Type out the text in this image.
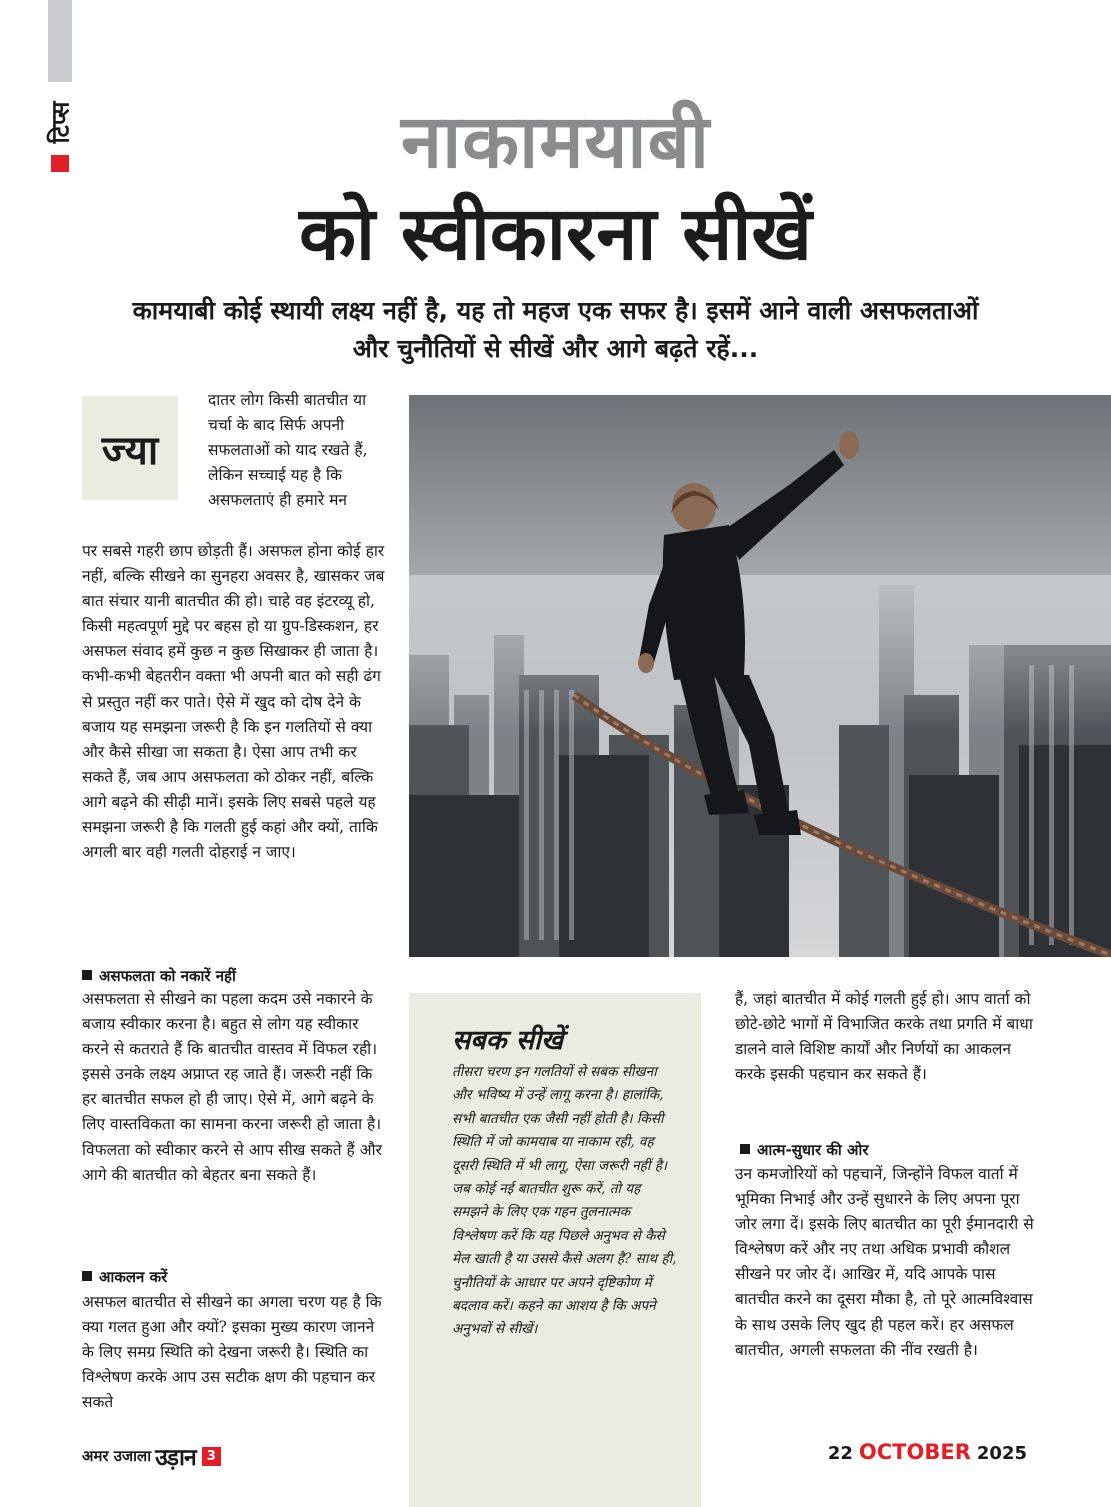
टिप्स	नाकामयाबी
को स्वीकारना सीखें
कामयाबी कोई स्थायी लक्ष्य नहीं है, यह तो महज एक सफर है। इसमें आने वाली असफलताओं और चुनौतियों से सीखें और आगे बढ़ते रहें...
ज्या
दातर लोग किसी बातचीत या चर्चा के बाद सिर्फ अपनी सफलताओं को याद रखते हैं, लेकिन सच्चाई यह है कि असफलताएं ही हमारे मन
पर सबसे गहरी छाप छोड़ती हैं। असफल होना कोई हार नहीं, बल्कि सीखने का सुनहरा अवसर है, खासकर जब बात संचार यानी बातचीत की हो। चाहे वह इंटरव्यू हो, किसी महत्वपूर्ण मुद्दे पर बहस हो या ग्रुप-डिस्कशन, हर असफल संवाद हमें कुछ न कुछ सिखाकर ही जाता है। कभी-कभी बेहतरीन वक्ता भी अपनी बात को सही ढंग से प्रस्तुत नहीं कर पाते। ऐसे में खुद को दोष देने के बजाय यह समझना जरूरी है कि इन गलतियों से क्या और कैसे सीखा जा सकता है। ऐसा आप तभी कर सकते हैं, जब आप असफलता को ठोकर नहीं, बल्कि आगे बढ़ने की सीढ़ी मानें। इसके लिए सबसे पहले यह समझना जरूरी है कि गलती हुई कहां और क्यों, ताकि अगली बार वही गलती दोहराई न जाए।
असफलता को नकारें नहीं
असफलता से सीखने का पहला कदम उसे नकारने के बजाय स्वीकार करना है। बहुत से लोग यह स्वीकार करने से कतराते हैं कि बातचीत वास्तव में विफल रही। इससे उनके लक्ष्य अप्राप्त रह जाते हैं। जरूरी नहीं कि हर बातचीत सफल हो ही जाए। ऐसे में, आगे बढ़ने के लिए वास्तविकता का सामना करना जरूरी हो जाता है। विफलता को स्वीकार करने से आप सीख सकते हैं और आगे की बातचीत को बेहतर बना सकते हैं।
आकलन करें
असफल बातचीत से सीखने का अगला चरण यह है कि क्या गलत हुआ और क्यों? इसका मुख्य कारण जानने के लिए समग्र स्थिति को देखना जरूरी है। स्थिति का विश्लेषण करके आप उस सटीक क्षण की पहचान कर सकते
सबक सीखें
तीसरा चरण इन गलतियों से सबक सीखना और भविष्य में उन्हें लागू करना है। हालांकि, सभी बातचीत एक जैसी नहीं होती है। किसी स्थिति में जो कामयाब या नाकाम रही, वह दूसरी स्थिति में भी लागू, ऐसा जरूरी नहीं है। जब कोई नई बातचीत शुरू करें, तो यह समझने के लिए एक गहन तुलनात्मक विश्लेषण करें कि यह पिछले अनुभव से कैसे मेल खाती है या उससे कैसे अलग है? साथ ही, चुनौतियों के आधार पर अपने दृष्टिकोण में बदलाव करें। कहने का आशय है कि अपने अनुभवों से सीखें।
हैं, जहां बातचीत में कोई गलती हुई हो। आप वार्ता को छोटे-छोटे भागों में विभाजित करके तथा प्रगति में बाधा डालने वाले विशिष्ट कार्यों और निर्णयों का आकलन करके इसकी पहचान कर सकते हैं।
आत्म-सुधार की ओर
उन कमजोरियों को पहचानें, जिन्होंने विफल वार्ता में भूमिका निभाई और उन्हें सुधारने के लिए अपना पूरा जोर लगा दें। इसके लिए बातचीत का पूरी ईमानदारी से विश्लेषण करें और नए तथा अधिक प्रभावी कौशल सीखने पर जोर दें। आखिर में, यदि आपके पास बातचीत करने का दूसरा मौका है, तो पूरे आत्मविश्वास के साथ उसके लिए खुद ही पहल करें। हर असफल बातचीत, अगली सफलता की नींव रखती है।
अमर उजाला उड़ान 3	22 OCTOBER 2025
